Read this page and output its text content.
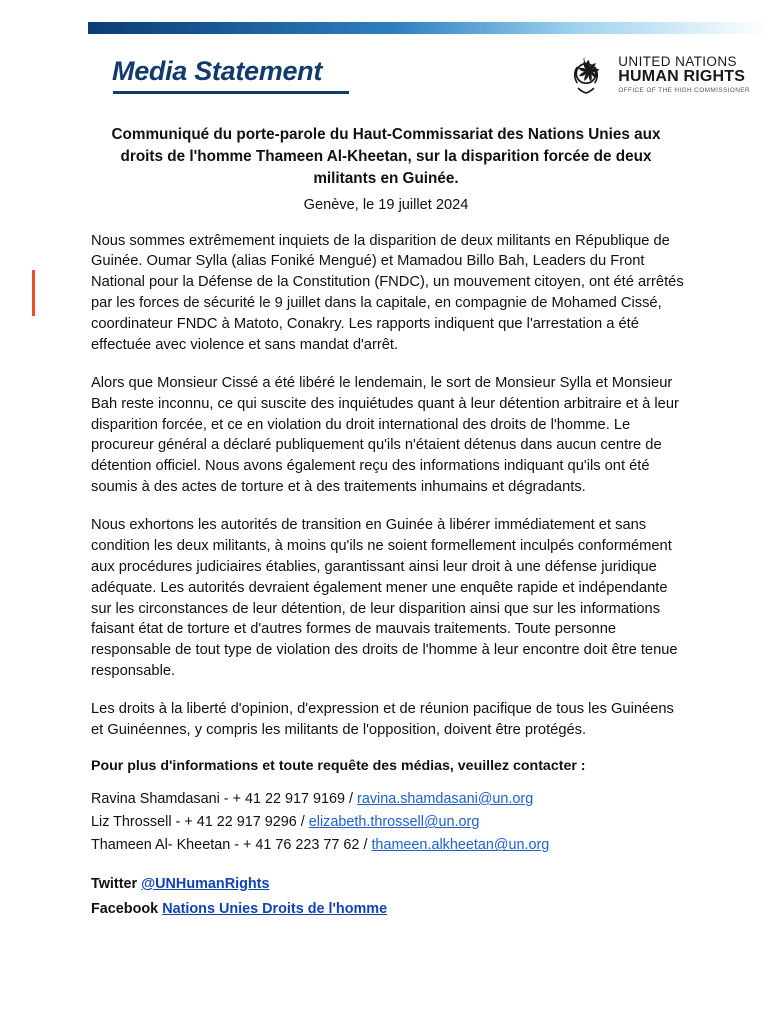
Media Statement	UNITED NATIONS
HUMAN RIGHTS
OFFICE OF THE HIGH COMMISSIONER
Communiqué du porte-parole du Haut-Commissariat des Nations Unies aux droits de l'homme Thameen Al-Kheetan, sur la disparition forcée de deux militants en Guinée.
Genève, le 19 juillet 2024

Nous sommes extrêmement inquiets de la disparition de deux militants en République de Guinée. Oumar Sylla (alias Foniké Mengué) et Mamadou Billo Bah, Leaders du Front National pour la Défense de la Constitution (FNDC), un mouvement citoyen, ont été arrêtés par les forces de sécurité le 9 juillet dans la capitale, en compagnie de Mohamed Cissé, coordinateur FNDC à Matoto, Conakry. Les rapports indiquent que l'arrestation a été effectuée avec violence et sans mandat d'arrêt.

Alors que Monsieur Cissé a été libéré le lendemain, le sort de Monsieur Sylla et Monsieur Bah reste inconnu, ce qui suscite des inquiétudes quant à leur détention arbitraire et à leur disparition forcée, et ce en violation du droit international des droits de l'homme. Le procureur général a déclaré publiquement qu'ils n'étaient détenus dans aucun centre de détention officiel. Nous avons également reçu des informations indiquant qu'ils ont été soumis à des actes de torture et à des traitements inhumains et dégradants.

Nous exhortons les autorités de transition en Guinée à libérer immédiatement et sans condition les deux militants, à moins qu'ils ne soient formellement inculpés conformément aux procédures judiciaires établies, garantissant ainsi leur droit à une défense juridique adéquate. Les autorités devraient également mener une enquête rapide et indépendante sur les circonstances de leur détention, de leur disparition ainsi que sur les informations faisant état de torture et d'autres formes de mauvais traitements. Toute personne responsable de tout type de violation des droits de l'homme à leur encontre doit être tenue responsable.

Les droits à la liberté d'opinion, d'expression et de réunion pacifique de tous les Guinéens et Guinéennes, y compris les militants de l'opposition, doivent être protégés.

Pour plus d'informations et toute requête des médias, veuillez contacter :
Ravina Shamdasani - + 41 22 917 9169 / ravina.shamdasani@un.org
Liz Throssell - + 41 22 917 9296 / elizabeth.throssell@un.org
Thameen Al- Kheetan - + 41 76 223 77 62 / thameen.alkheetan@un.org
Twitter @UNHumanRights
Facebook Nations Unies Droits de l'homme
